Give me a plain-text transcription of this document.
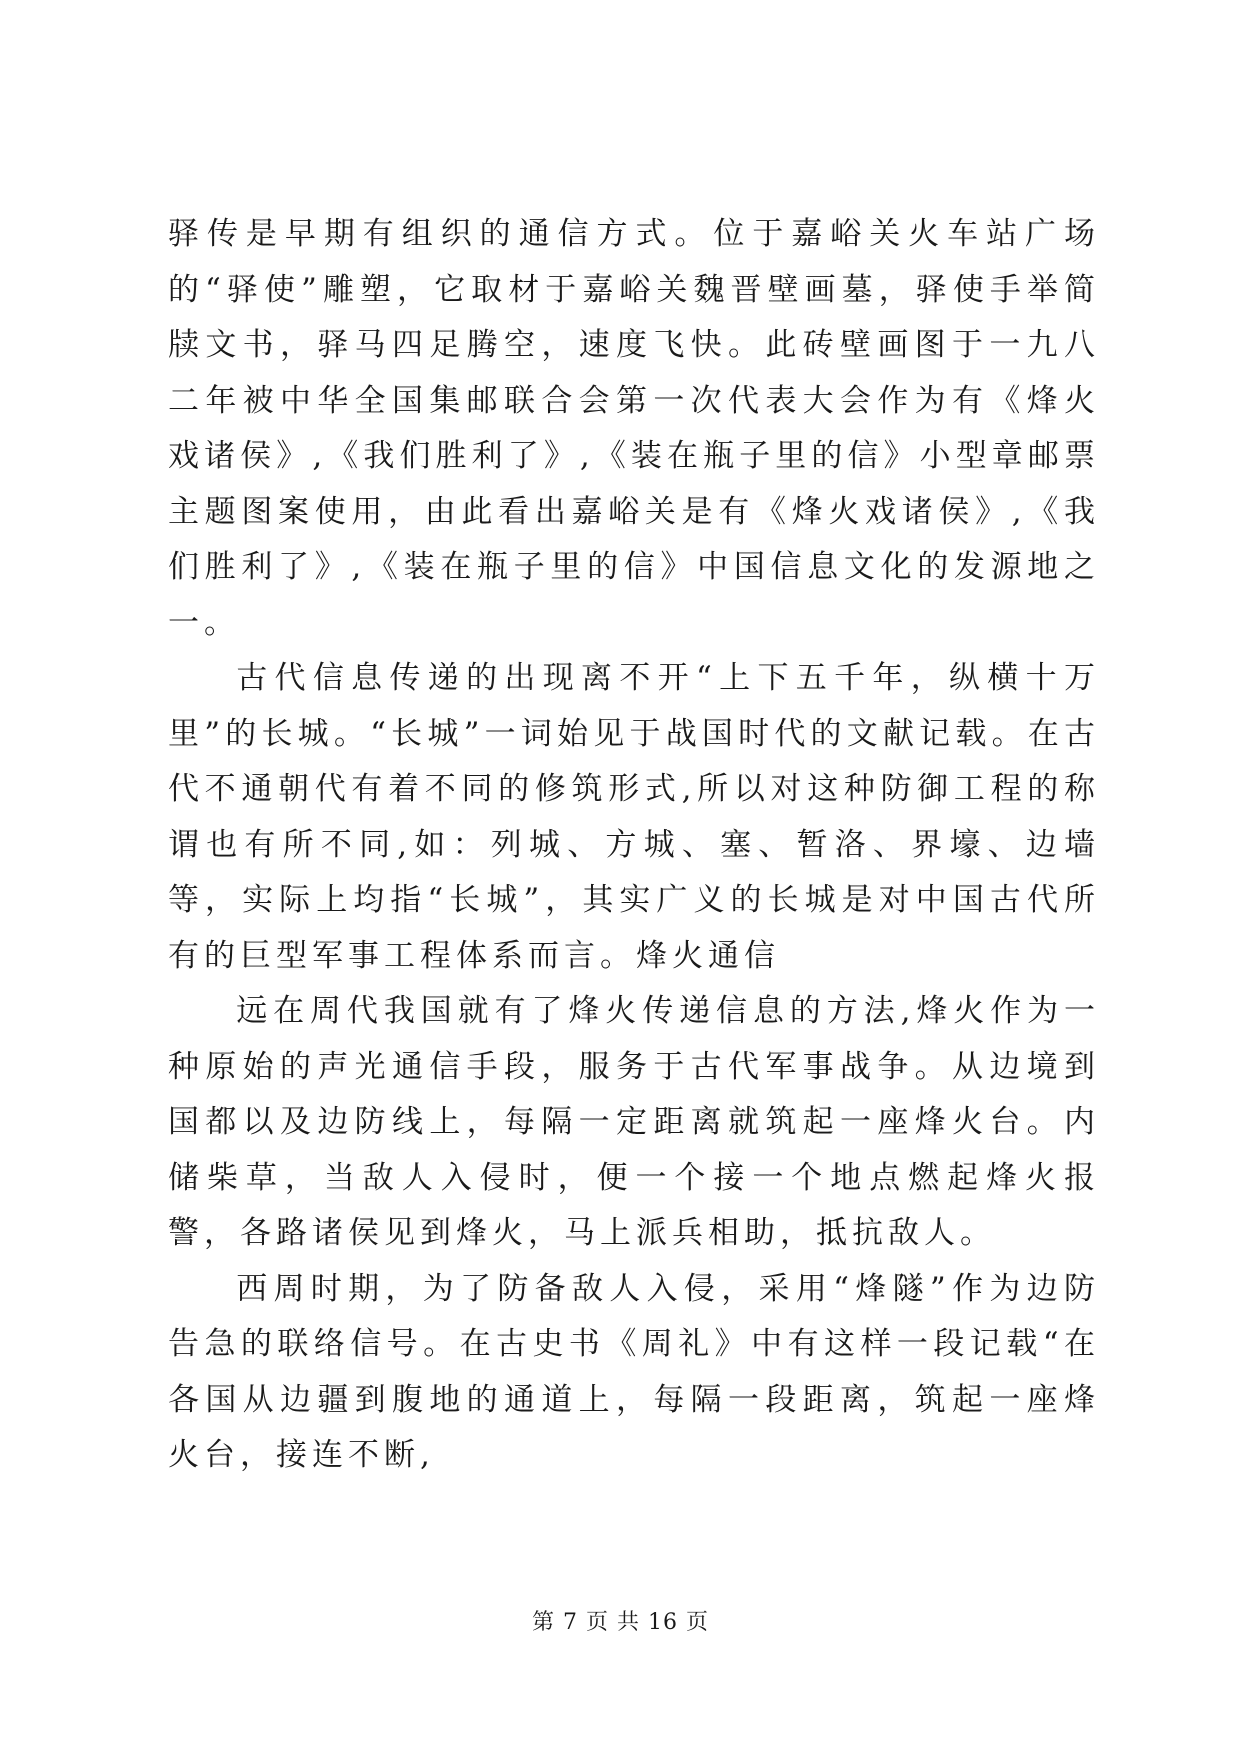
驿传是早期有组织的通信方式。位于嘉峪关火车站广场的“驿使”雕塑，它取材于嘉峪关魏晋壁画墓，驿使手举简牍文书，驿马四足腾空，速度飞快。此砖壁画图于一九八二年被中华全国集邮联合会第一次代表大会作为有《烽火戏诸侯》,《我们胜利了》,《装在瓶子里的信》小型章邮票主题图案使用，由此看出嘉峪关是有《烽火戏诸侯》,《我们胜利了》,《装在瓶子里的信》中国信息文化的发源地之一。

古代信息传递的出现离不开“上下五千年，纵横十万里”的长城。“长城”一词始见于战国时代的文献记载。在古代不通朝代有着不同的修筑形式,所以对这种防御工程的称谓也有所不同,如：列城、方城、塞、暂洛、界壕、边墙等，实际上均指“长城”，其实广义的长城是对中国古代所有的巨型军事工程体系而言。烽火通信

远在周代我国就有了烽火传递信息的方法,烽火作为一种原始的声光通信手段，服务于古代军事战争。从边境到国都以及边防线上，每隔一定距离就筑起一座烽火台。内储柴草，当敌人入侵时，便一个接一个地点燃起烽火报警，各路诸侯见到烽火，马上派兵相助，抵抗敌人。

西周时期，为了防备敌人入侵，采用“烽隧”作为边防告急的联络信号。在古史书《周礼》中有这样一段记载“在各国从边疆到腹地的通道上，每隔一段距离，筑起一座烽火台，接连不断,

第 7 页 共 16 页
